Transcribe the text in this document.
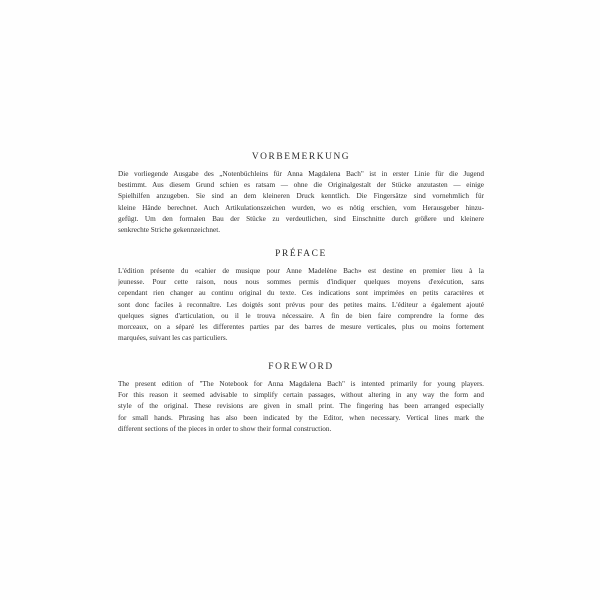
VORBEMERKUNG

Die vorliegende Ausgabe des „Notenbüchleins für Anna Magdalena Bach" ist in erster Linie für die Jugend
bestimmt. Aus diesem Grund schien es ratsam — ohne die Originalgestalt der Stücke anzutasten — einige
Spielhilfen anzugeben. Sie sind an dem kleineren Druck kenntlich. Die Fingersätze sind vornehmlich für
kleine Hände berechnet. Auch Artikulationszeichen wurden, wo es nötig erschien, vom Herausgeber hinzu-
gefügt. Um den formalen Bau der Stücke zu verdeutlichen, sind Einschnitte durch größere und kleinere
senkrechte Striche gekennzeichnet.

PRÉFACE

L'édition présente du «cahier de musique pour Anne Madelène Bach» est destine en premier lieu à la
jeunesse. Pour cette raison, nous nous sommes permis d'indiquer quelques moyens d'exécution, sans
cependant rien changer au continu original du texte. Ces indications sont imprimées en petits caractères et
sont donc faciles à reconnaître. Les doigtés sont prévus pour des petites mains. L'éditeur a également ajouté
quelques signes d'articulation, ou il le trouva nécessaire. A fin de bien faire comprendre la forme des
morceaux, on a séparé les differentes parties par des barres de mesure verticales, plus ou moins fortement
marquées, suivant les cas particuliers.

FOREWORD

The present edition of "The Notebook for Anna Magdalena Bach" is intented primarily for young players.
For this reason it seemed advisable to simplify certain passages, without altering in any way the form and
style of the original. These revisions are given in small print. The fingering has been arranged especially
for small hands. Phrasing has also been indicated by the Editor, when necessary. Vertical lines mark the
different sections of the pieces in order to show their formal construction.
